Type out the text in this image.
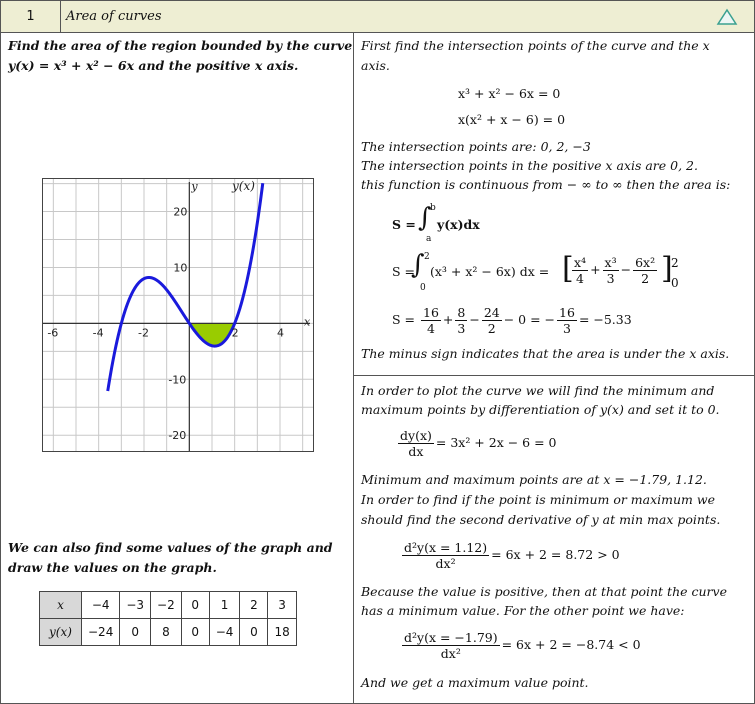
1	Area of curves
Find the area of the region bounded by the curve
y(x) = x³ + x² − 6x and the positive x axis.
-6	-4	-2	2	4
20
10
-10
-20
x
y	y(x)
We can also find some values of the graph and
draw the values on the graph.
x	−4	−3	−2	0	1	2	3
y(x)	−24	0	8	0	−4	0	18
First find the intersection points of the curve and the x
axis.
x³ + x² − 6x = 0
x(x² + x − 6) = 0
The intersection points are: 0, 2, −3
The intersection points in the positive x axis are 0, 2.
this function is continuous from − ∞ to ∞ then the area is:
S = ∫
b
a
y(x)dx
S =
∫ 2
0
(x³ + x² − 6x) dx = [
$\frac{\text{x⁴}}{4} + \frac{\text{x³}}{3} - \frac{\text{6x²}}{2}$ ]
2
0
$S = \frac{16}{4} + \frac{8}{3} - \frac{24}{2} - 0$ = − $\frac{16}{3} = -5.33$
The minus sign indicates that the area is under the x axis.
In order to plot the curve we will find the minimum and
maximum points by differentiation of y(x) and set it to 0.
$\frac{dy(x)}{dx} = 3x^2 + 2x - 6 = 0$
Minimum and maximum points are at x = −1.79, 1.12.
In order to find if the point is minimum or maximum we
should find the second derivative of y at min max points.
$\frac{\text{d²y(x = 1.12)}}{\text{dx²}} = 6x + 2 = 8.72 > 0$
Because the value is positive, then at that point the curve
has a minimum value. For the other point we have:
$\frac{\text{d²y(x = −1.79)}}{\text{dx²}} = 6x + 2 = -8.74 < 0$
And we get a maximum value point.
